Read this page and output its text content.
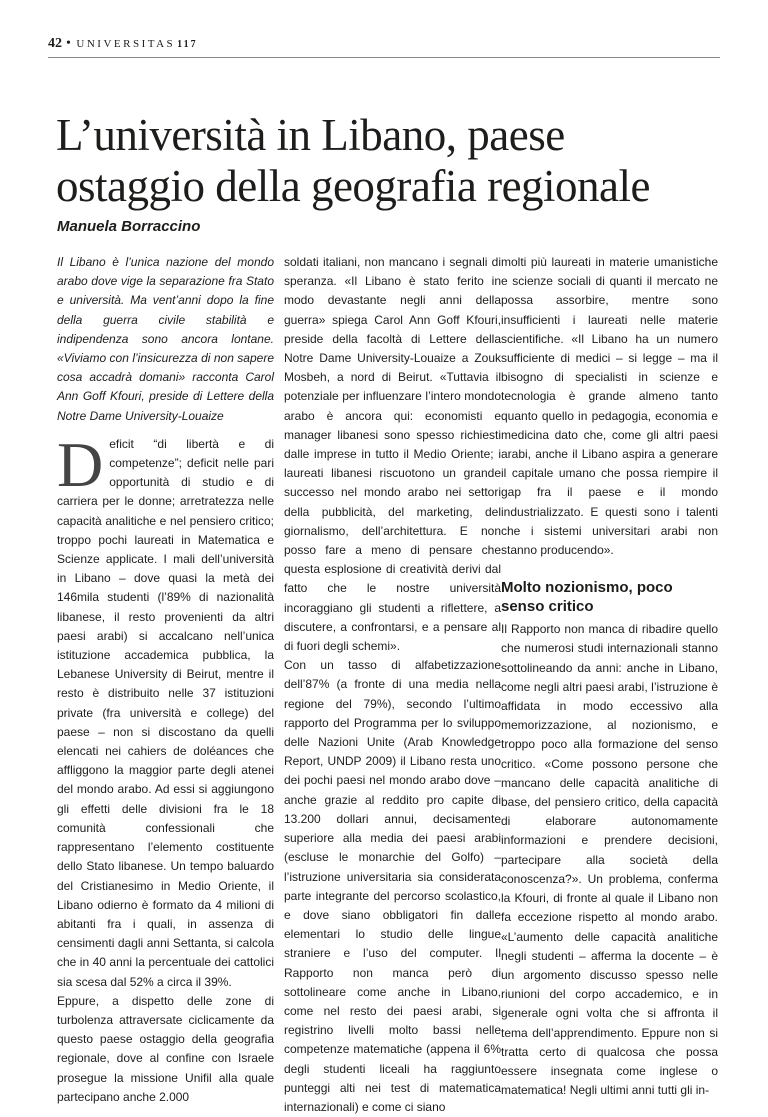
42 • UNIVERSITAS 117
L’università in Libano, paese
ostaggio della geografia regionale
Manuela Borraccino

Il Libano è l’unica nazione del mondo arabo dove vige la separazione fra Stato e università. Ma vent’anni dopo la fine della guerra civile stabilità e indipendenza sono ancora lontane. «Viviamo con l’insicurezza di non sapere cosa accadrà domani» racconta Carol Ann Goff Kfouri, preside di Lettere della Notre Dame University-Louaize

Deficit “di libertà e di competenze”; deficit nelle pari opportunità di studio e di carriera per le donne; arretratezza nelle capacità analitiche e nel pensiero critico; troppo pochi laureati in Matematica e Scienze applicate. I mali dell’università in Libano – dove quasi la metà dei 146mila studenti (l’89% di nazionalità libanese, il resto provenienti da altri paesi arabi) si accalcano nell’unica istituzione accademica pubblica, la Lebanese University di Beirut, mentre il resto è distribuito nelle 37 istituzioni private (fra università e college) del paese – non si discostano da quelli elencati nei cahiers de doléances che affliggono la maggior parte degli atenei del mondo arabo. Ad essi si aggiungono gli effetti delle divisioni fra le 18 comunità confessionali che rappresentano l’elemento costituente dello Stato libanese. Un tempo baluardo del Cristianesimo in Medio Oriente, il Libano odierno è formato da 4 milioni di abitanti fra i quali, in assenza di censimenti dagli anni Settanta, si calcola che in 40 anni la percentuale dei cattolici sia scesa dal 52% a circa il 39%.

Eppure, a dispetto delle zone di turbolenza attraversate ciclicamente da questo paese ostaggio della geografia regionale, dove al confine con Israele prosegue la missione Unifil alla quale partecipano anche 2.000

soldati italiani, non mancano i segnali di speranza. «Il Libano è stato ferito in modo devastante negli anni della guerra» spiega Carol Ann Goff Kfouri, preside della facoltà di Lettere della Notre Dame University-Louaize a Zouk Mosbeh, a nord di Beirut. «Tuttavia il potenziale per influenzare l’intero mondo arabo è ancora qui: economisti e manager libanesi sono spesso richiesti dalle imprese in tutto il Medio Oriente; i laureati libanesi riscuotono un grande successo nel mondo arabo nei settori della pubblicità, del marketing, del giornalismo, dell’architettura. E non posso fare a meno di pensare che questa esplosione di creatività derivi dal fatto che le nostre università incoraggiano gli studenti a riflettere, a discutere, a confrontarsi, e a pensare al di fuori degli schemi».

Con un tasso di alfabetizzazione dell’87% (a fronte di una media nella regione del 79%), secondo l’ultimo rapporto del Programma per lo sviluppo delle Nazioni Unite (Arab Knowledge Report, UNDP 2009) il Libano resta uno dei pochi paesi nel mondo arabo dove – anche grazie al reddito pro capite di 13.200 dollari annui, decisamente superiore alla media dei paesi arabi (escluse le monarchie del Golfo) – l’istruzione universitaria sia considerata parte integrante del percorso scolastico, e dove siano obbligatori fin dalle elementari lo studio delle lingue straniere e l’uso del computer. Il Rapporto non manca però di sottolineare come anche in Libano, come nel resto dei paesi arabi, si registrino livelli molto bassi nelle competenze matematiche (appena il 6% degli studenti liceali ha raggiunto punteggi alti nei test di matematica internazionali) e come ci siano

molti più laureati in materie umanistiche e scienze sociali di quanti il mercato ne possa assorbire, mentre sono insufficienti i laureati nelle materie scientifiche. «Il Libano ha un numero sufficiente di medici – si legge – ma il bisogno di specialisti in scienze e tecnologia è grande almeno tanto quanto quello in pedagogia, economia e medicina dato che, come gli altri paesi arabi, anche il Libano aspira a generare il capitale umano che possa riempire il gap fra il paese e il mondo industrializzato. E questi sono i talenti che i sistemi universitari arabi non stanno producendo».

Molto nozionismo, poco senso critico

Il Rapporto non manca di ribadire quello che numerosi studi internazionali stanno sottolineando da anni: anche in Libano, come negli altri paesi arabi, l’istruzione è affidata in modo eccessivo alla memorizzazione, al nozionismo, e troppo poco alla formazione del senso critico. «Come possono persone che mancano delle capacità analitiche di base, del pensiero critico, della capacità di elaborare autonomamente informazioni e prendere decisioni, partecipare alla società della conoscenza?». Un problema, conferma la Kfouri, di fronte al quale il Libano non fa eccezione rispetto al mondo arabo. «L’aumento delle capacità analitiche negli studenti – afferma la docente – è un argomento discusso spesso nelle riunioni del corpo accademico, e in generale ogni volta che si affronta il tema dell’apprendimento. Eppure non si tratta certo di qualcosa che possa essere insegnata come inglese o matematica! Negli ultimi anni tutti gli in-
